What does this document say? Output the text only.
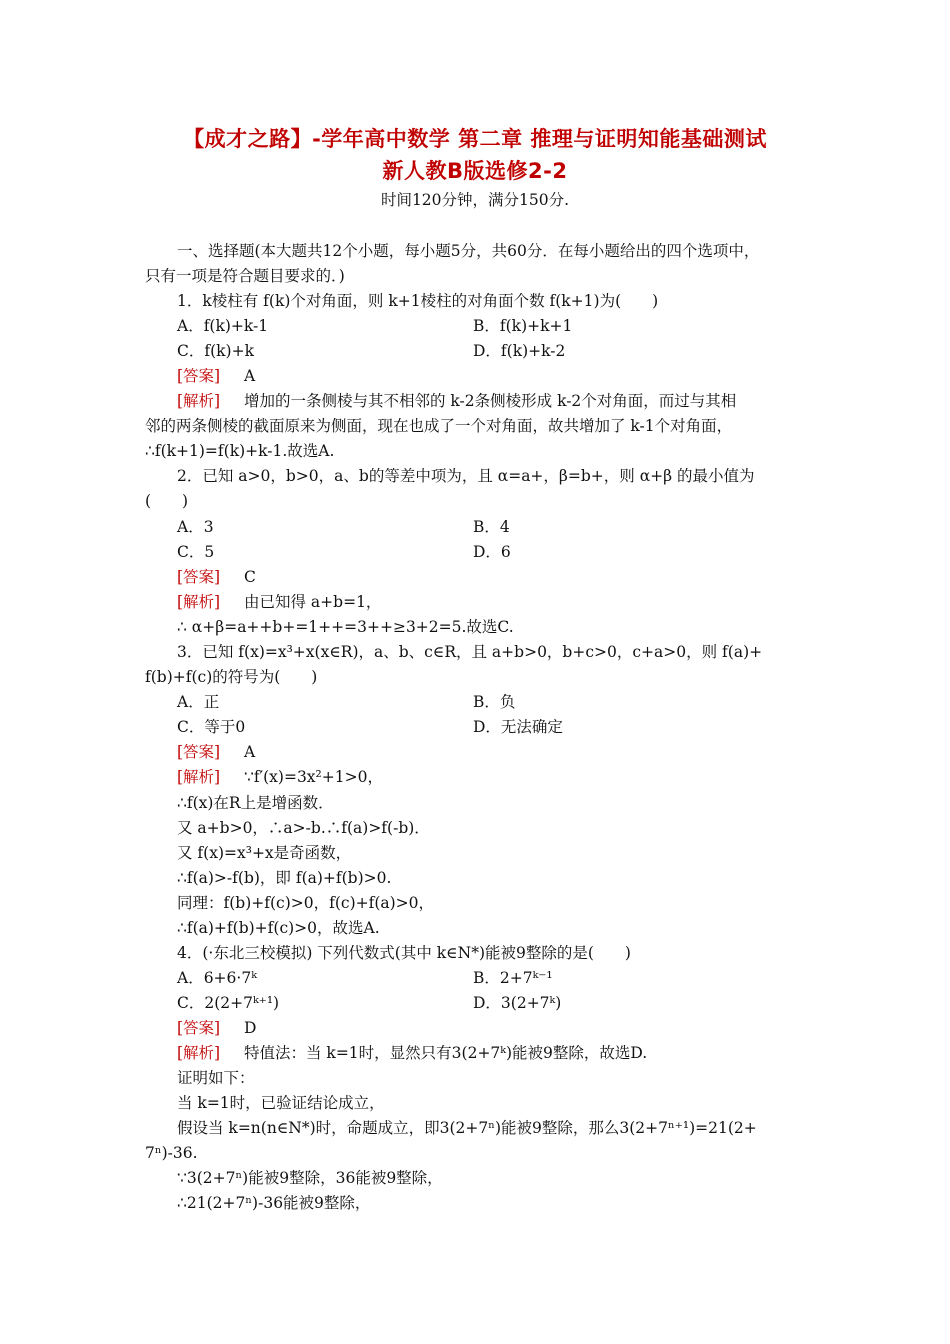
【成才之路】-学年高中数学 第二章 推理与证明知能基础测试
新人教B版选修2-2
时间120分钟，满分150分.
一、选择题(本大题共12个小题，每小题5分，共60分．在每小题给出的四个选项中，
只有一项是符合题目要求的．)
1．k棱柱有 f(k)个对角面，则 k+1棱柱的对角面个数 f(k+1)为(　　)
A．f(k)+k-1	B．f(k)+k+1
C．f(k)+k	D．f(k)+k-2
[答案] A
[解析] 增加的一条侧棱与其不相邻的 k-2条侧棱形成 k-2个对角面，而过与其相
邻的两条侧棱的截面原来为侧面，现在也成了一个对角面，故共增加了 k-1个对角面，
∴f(k+1)=f(k)+k-1.故选A.
2．已知 a>0，b>0，a、b的等差中项为，且 α=a+，β=b+，则 α+β 的最小值为
(　　)
A．3	B．4
C．5	D．6
[答案] C
[解析] 由已知得 a+b=1，
∴ α+β=a++b+=1++=3++≥3+2=5.故选C.
3．已知 f(x)=x³+x(x∈R)，a、b、c∈R，且 a+b>0，b+c>0，c+a>0，则 f(a)+
f(b)+f(c)的符号为(　　)
A．正	B．负
C．等于0	D．无法确定
[答案] A
[解析] ∵f′(x)=3x²+1>0，
∴f(x)在R上是增函数．
又 a+b>0，∴a>-b.∴f(a)>f(-b)．
又 f(x)=x³+x是奇函数，
∴f(a)>-f(b)，即 f(a)+f(b)>0.
同理：f(b)+f(c)>0，f(c)+f(a)>0，
∴f(a)+f(b)+f(c)>0，故选A.
4．(·东北三校模拟) 下列代数式(其中 k∈N*)能被9整除的是(　　)
A．6+6·7ᵏ	B．2+7ᵏ⁻¹
C．2(2+7ᵏ⁺¹)	D．3(2+7ᵏ)
[答案] D
[解析] 特值法：当 k=1时，显然只有3(2+7ᵏ)能被9整除，故选D.
证明如下：
当 k=1时，已验证结论成立，
假设当 k=n(n∈N*)时，命题成立，即3(2+7ⁿ)能被9整除，那么3(2+7ⁿ⁺¹)=21(2+
7ⁿ)-36.
∵3(2+7ⁿ)能被9整除，36能被9整除，
∴21(2+7ⁿ)-36能被9整除，
